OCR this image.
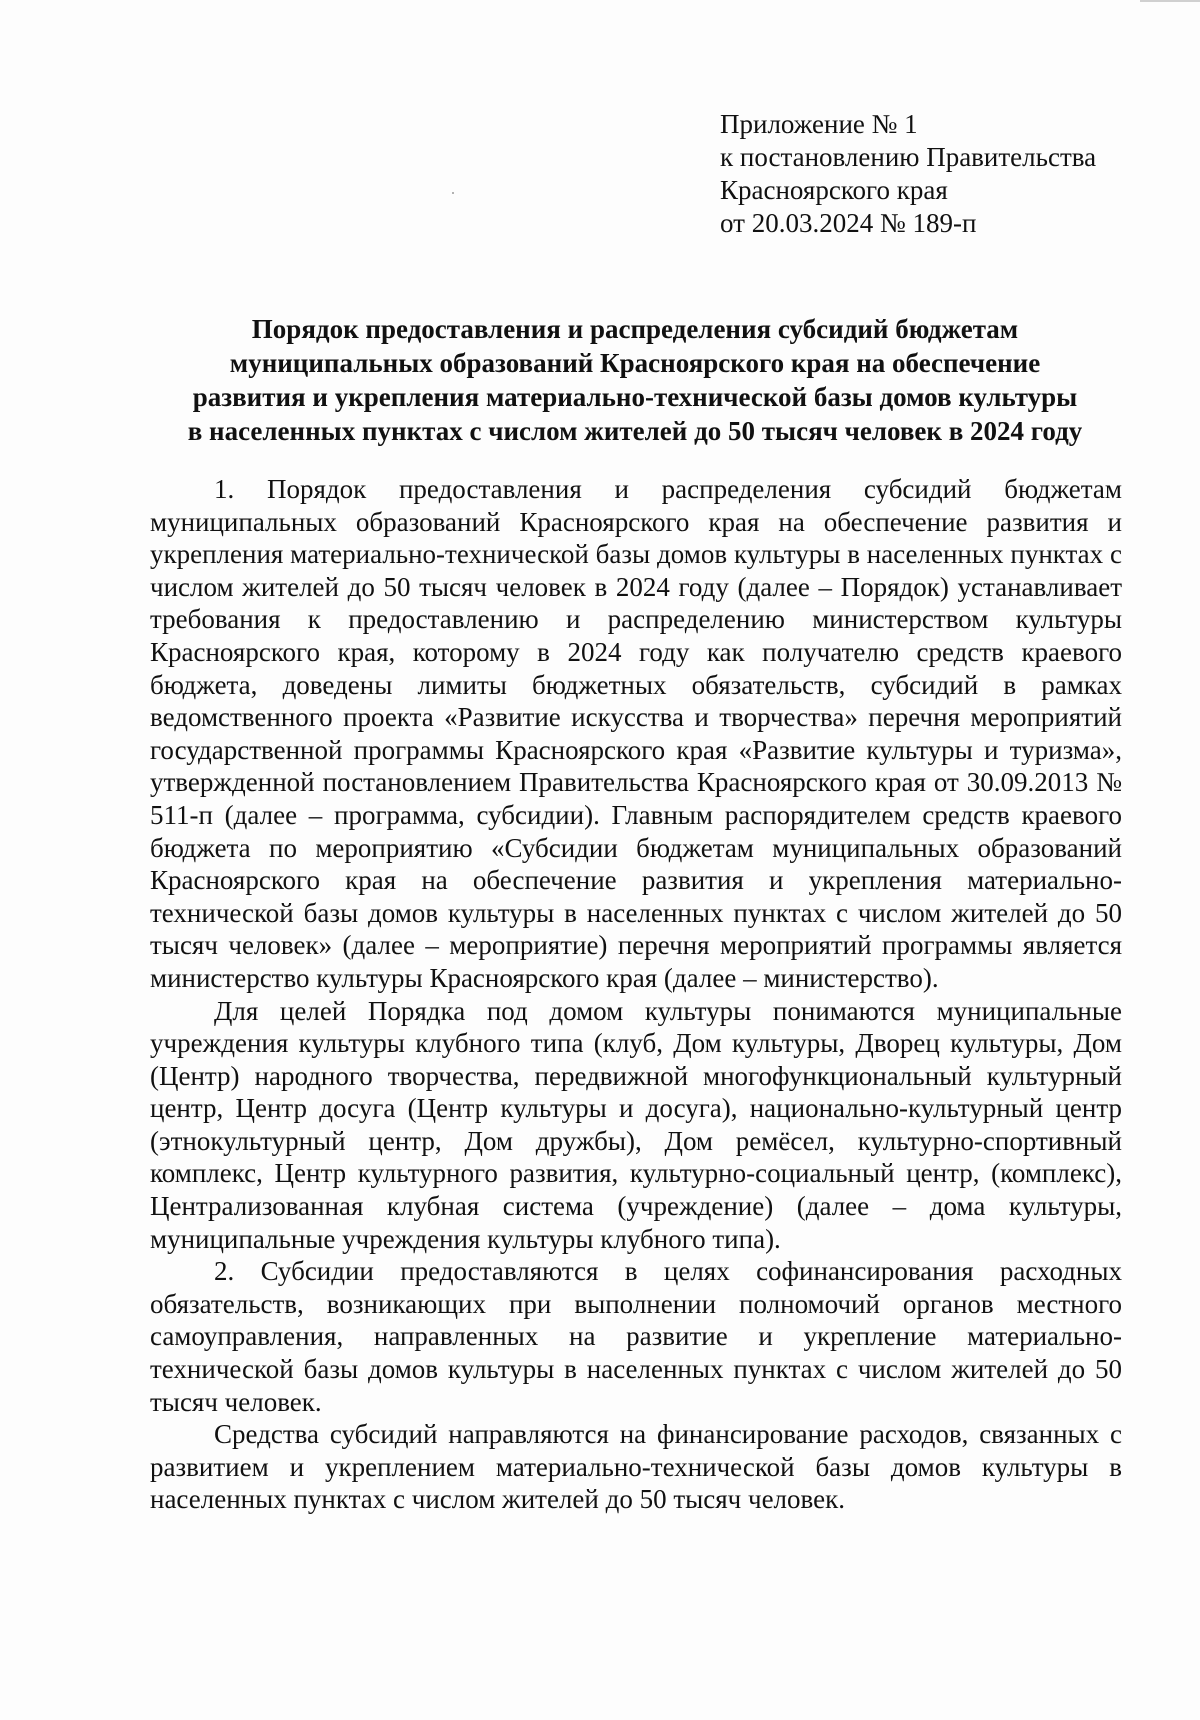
Приложение № 1
к постановлению Правительства
Красноярского края
от 20.03.2024 № 189-п
Порядок предоставления и распределения субсидий бюджетам
муниципальных образований Красноярского края на обеспечение
развития и укрепления материально-технической базы домов культуры
в населенных пунктах с числом жителей до 50 тысяч человек в 2024 году

1. Порядок предоставления и распределения субсидий бюджетам муниципальных образований Красноярского края на обеспечение развития и укрепления материально-технической базы домов культуры в населенных пунктах с числом жителей до 50 тысяч человек в 2024 году (далее – Порядок) устанавливает требования к предоставлению и распределению министерством культуры Красноярского края, которому в 2024 году как получателю средств краевого бюджета, доведены лимиты бюджетных обязательств, субсидий в рамках ведомственного проекта «Развитие искусства и творчества» перечня мероприятий государственной программы Красноярского края «Развитие культуры и туризма», утвержденной постановлением Правительства Красноярского края от 30.09.2013 № 511-п (далее – программа, субсидии). Главным распорядителем средств краевого бюджета по мероприятию «Субсидии бюджетам муниципальных образований Красноярского края на обеспечение развития и укрепления материально-технической базы домов культуры в населенных пунктах с числом жителей до 50 тысяч человек» (далее – мероприятие) перечня мероприятий программы является министерство культуры Красноярского края (далее – министерство).

Для целей Порядка под домом культуры понимаются муниципальные учреждения культуры клубного типа (клуб, Дом культуры, Дворец культуры, Дом (Центр) народного творчества, передвижной многофункциональный культурный центр, Центр досуга (Центр культуры и досуга), национально-культурный центр (этнокультурный центр, Дом дружбы), Дом ремёсел, культурно-спортивный комплекс, Центр культурного развития, культурно-социальный центр, (комплекс), Централизованная клубная система (учреждение) (далее – дома культуры, муниципальные учреждения культуры клубного типа).

2. Субсидии предоставляются в целях софинансирования расходных обязательств, возникающих при выполнении полномочий органов местного самоуправления, направленных на развитие и укрепление материально-технической базы домов культуры в населенных пунктах с числом жителей до 50 тысяч человек.

Средства субсидий направляются на финансирование расходов, связанных с развитием и укреплением материально-технической базы домов культуры в населенных пунктах с числом жителей до 50 тысяч человек.
